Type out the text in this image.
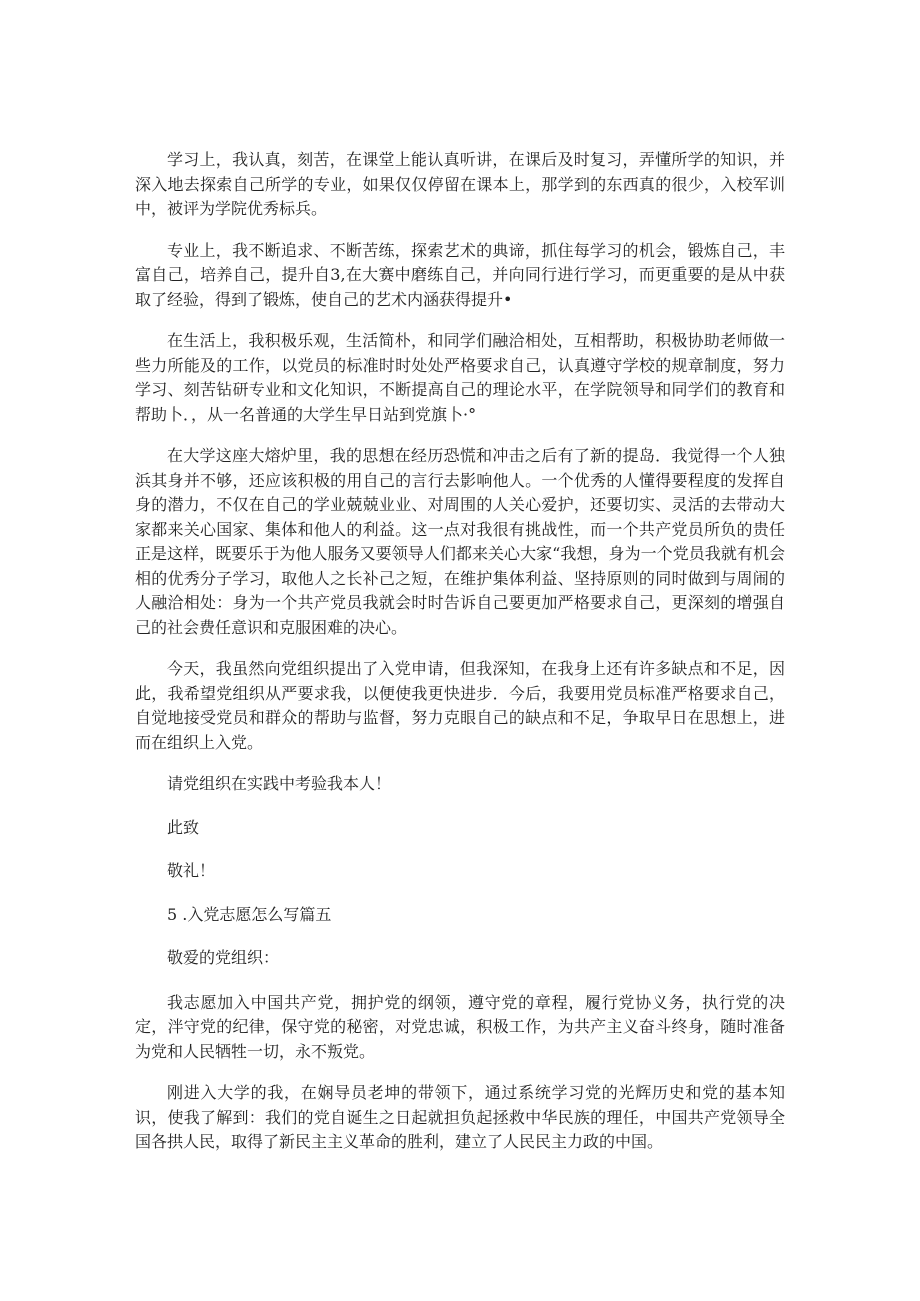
学习上，我认真，刻苦，在课堂上能认真听讲，在课后及时复习，弄懂所学的知识，并深入地去探索自己所学的专业，如果仅仅停留在课本上，那学到的东西真的很少，入校军训中，被评为学院优秀标兵。

专业上，我不断追求、不断苦练，探索艺术的典谛，抓住每学习的机会，锻炼自己，丰富自己，培养自己，提升自3,在大赛中磨练自己，并向同行进行学习，而更重要的是从中获取了经验，得到了锻炼，使自己的艺术内涵获得提升•

在生活上，我积极乐观，生活简朴，和同学们融洽相处，互相帮助，积极协助老师做一些力所能及的工作，以党员的标准时时处处严格要求自己，认真遵守学校的规章制度，努力学习、刻苦钻研专业和文化知识，不断提高自己的理论水平，在学院领导和同学们的教育和帮助卜．，从一名普通的大学生早日站到党旗卜·°

在大学这座大熔炉里，我的思想在经历恐慌和冲击之后有了新的提岛．我觉得一个人独浜其身并不够，还应该积极的用自己的言行去影响他人。一个优秀的人懂得要程度的发挥自身的潜力，不仅在自己的学业兢兢业业、对周围的人关心爱护，还要切实、灵活的去带动大家都来关心国家、集体和他人的利益。这一点对我很有挑战性，而一个共产党员所负的贵任正是这样，既要乐于为他人服务又要领导人们都来关心大家“我想，身为一个党员我就有机会相的优秀分子学习，取他人之长补己之短，在维护集体利益、坚持原则的同时做到与周闹的人融洽相处：身为一个共产党员我就会时时告诉自己要更加严格要求自己，更深刻的增强自己的社会费任意识和克服困难的决心。

今天，我虽然向党组织提出了入党申请，但我深知，在我身上还有许多缺点和不足，因此，我希望党组织从严要求我，以便使我更快进步．今后，我要用党员标准严格要求自己，自觉地接受党员和群众的帮助与监督，努力克眼自己的缺点和不足，争取早日在思想上，进而在组织上入党。

请党组织在实践中考验我本人！

此致

敬礼！

5 .入党志愿怎么写篇五

敬爱的党组织：

我志愿加入中国共产党，拥护党的纲领，遵守党的章程，履行党协义务，执行党的决定，泮守党的纪律，保守党的秘密，对党忠诚，积极工作，为共产主义奋斗终身，随时准备为党和人民牺牲一切，永不叛党。

刚进入大学的我，在娴导员老坤的带领下，通过系统学习党的光辉历史和党的基本知识，使我了解到：我们的党自诞生之日起就担负起拯救中华民族的理任，中国共产党领导全国各拱人民，取得了新民主主义革命的胜利，建立了人民民主力政的中国。
